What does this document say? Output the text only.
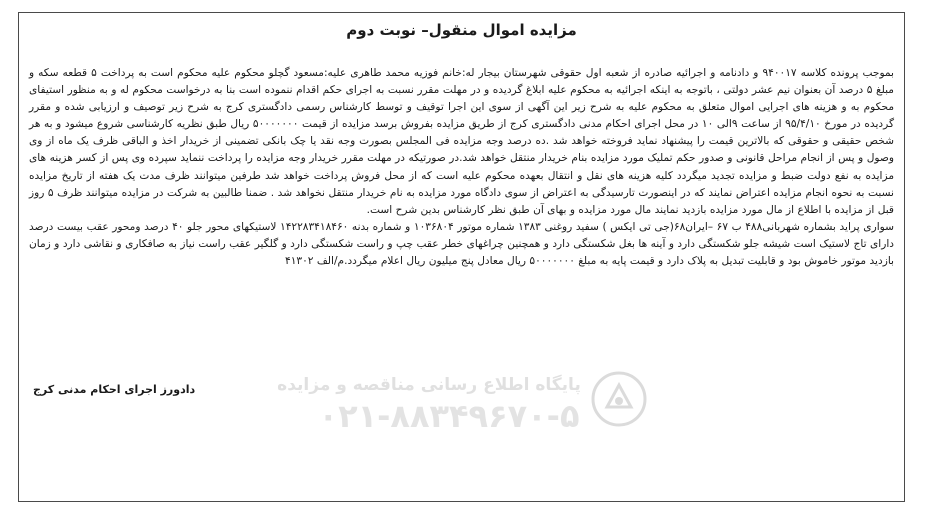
مزایده اموال منقول– نوبت دوم

بموجب پرونده کلاسه ۹۴۰۰۱۷ و دادنامه و اجرائیه صادره از شعبه اول حقوقی شهرستان بیجار له:خانم فوزیه محمد طاهری علیه:مسعود گچلو محکوم علیه محکوم است به پرداخت ۵ قطعه سکه و مبلغ ۵ درصد آن بعنوان نیم عشر دولتی ، باتوجه به اینکه اجرائیه به محکوم علیه ابلاغ گردیده و در مهلت مقرر نسبت به اجرای حکم اقدام ننموده است بنا به درخواست محکوم له و به منظور استیفای محکوم به و هزینه های اجرایی اموال متعلق به محکوم علیه به شرح زیر این آگهی از سوی این اجرا توقیف و توسط کارشناس رسمی دادگستری کرج به شرح زیر توصیف و ارزیابی شده و مقرر گردیده در مورخ ۹۵/۴/۱۰ از ساعت ۹الی ۱۰ در محل اجرای احکام مدنی دادگستری کرج از طریق مزایده بفروش برسد مزایده از قیمت ۵۰۰۰۰۰۰۰ ریال طبق نظریه کارشناسی شروع میشود و به هر شخص حقیقی و حقوقی که بالاترین قیمت را پیشنهاد نماید فروخته خواهد شد .ده درصد وجه مزایده فی المجلس بصورت وجه نقد یا چک بانکی تضمینی از خریدار اخذ و الباقی ظرف یک ماه از وی وصول و پس از انجام مراحل قانونی و صدور حکم تملیک مورد مزایده بنام خریدار منتقل خواهد شد.در صورتیکه در مهلت مقرر خریدار وجه مزایده را پرداخت ننماید سپرده وی پس از کسر هزینه های مزایده به نفع دولت ضبط و مزایده تجدید میگردد کلیه هزینه های نقل و انتقال بعهده محکوم علیه است که از محل فروش پرداخت خواهد شد طرفین میتوانند ظرف مدت یک هفته از تاریخ مزایده نسبت به نحوه انجام مزایده اعتراض نمایند که در اینصورت تارسیدگی به اعتراض از سوی دادگاه مورد مزایده به نام خریدار منتقل نخواهد شد . ضمنا طالبین به شرکت در مزایده میتوانند ظرف ۵ روز قبل از مزایده با اطلاع از مال مورد مزایده بازدید نمایند مال مورد مزایده و بهای آن طبق نظر کارشناس بدین شرح است.

سواری پراید بشماره شهربانی۴۸۸ ب ۶۷ –ایران۶۸(جی تی ایکس ) سفید روغنی ۱۳۸۳ شماره موتور ۱۰۳۶۸۰۴ و شماره بدنه ۱۴۲۲۸۳۴۱۸۴۶۰ لاستیکهای محور جلو ۴۰ درصد ومحور عقب بیست درصد دارای تاج لاستیک است شیشه جلو شکستگی دارد و آینه ها بغل شکستگی دارد و همچنین چراغهای خطر عقب چپ و راست شکستگی دارد و گلگیر عقب راست نیاز به صافکاری و نقاشی دارد و زمان بازدید موتور خاموش بود و قابلیت تبدیل به پلاک دارد و قیمت پایه به مبلغ ۵۰۰۰۰۰۰۰ ریال معادل پنج میلیون ریال اعلام میگردد.م/الف ۴۱۳۰۲

پایگاه اطلاع رسانی مناقصه و مزایده
۰۲۱-۸۸۳۴۹۶۷۰-۵
دادورز اجرای احکام مدنی کرج
